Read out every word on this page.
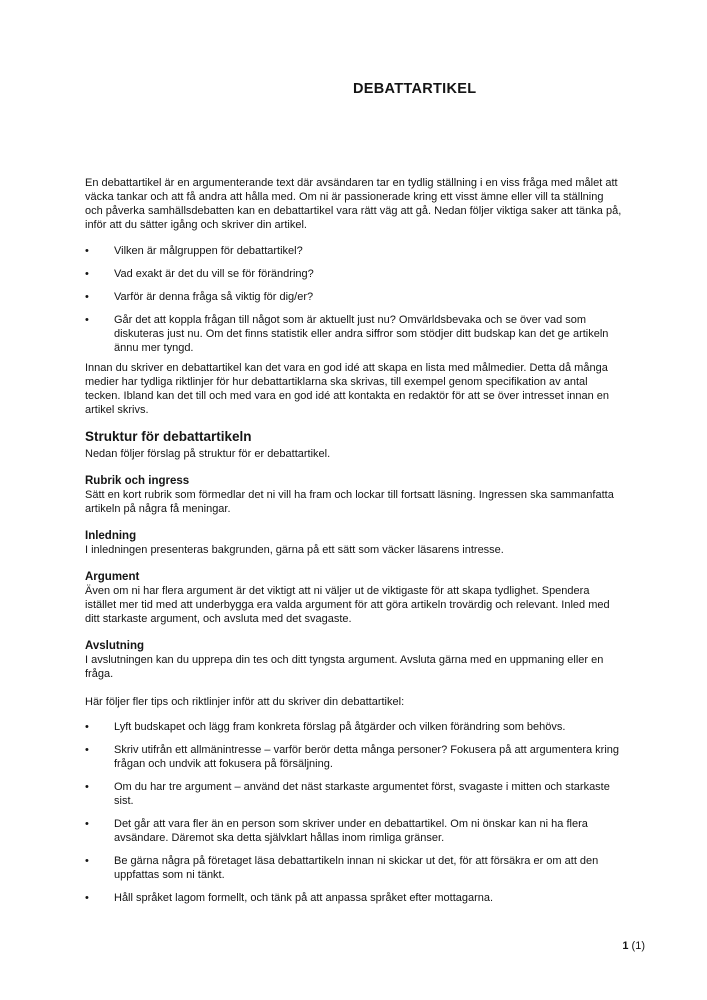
DEBATTARTIKEL

En debattartikel är en argumenterande text där avsändaren tar en tydlig ställning i en viss fråga med målet att väcka tankar och att få andra att hålla med. Om ni är passionerade kring ett visst ämne eller vill ta ställning och påverka samhällsdebatten kan en debattartikel vara rätt väg att gå. Nedan följer viktiga saker att tänka på, inför att du sätter igång och skriver din artikel.

•	Vilken är målgruppen för debattartikel?
•	Vad exakt är det du vill se för förändring?
•	Varför är denna fråga så viktig för dig/er?
•	Går det att koppla frågan till något som är aktuellt just nu? Omvärldsbevaka och se över vad som diskuteras just nu. Om det finns statistik eller andra siffror som stödjer ditt budskap kan det ge artikeln ännu mer tyngd.

Innan du skriver en debattartikel kan det vara en god idé att skapa en lista med målmedier. Detta då många medier har tydliga riktlinjer för hur debattartiklarna ska skrivas, till exempel genom specifikation av antal tecken. Ibland kan det till och med vara en god idé att kontakta en redaktör för att se över intresset innan en artikel skrivs.

Struktur för debattartikeln

Nedan följer förslag på struktur för er debattartikel.

Rubrik och ingress

Sätt en kort rubrik som förmedlar det ni vill ha fram och lockar till fortsatt läsning. Ingressen ska sammanfatta artikeln på några få meningar.

Inledning

I inledningen presenteras bakgrunden, gärna på ett sätt som väcker läsarens intresse.

Argument

Även om ni har flera argument är det viktigt att ni väljer ut de viktigaste för att skapa tydlighet. Spendera istället mer tid med att underbygga era valda argument för att göra artikeln trovärdig och relevant. Inled med ditt starkaste argument, och avsluta med det svagaste.

Avslutning

I avslutningen kan du upprepa din tes och ditt tyngsta argument. Avsluta gärna med en uppmaning eller en fråga.

Här följer fler tips och riktlinjer inför att du skriver din debattartikel:

•	Lyft budskapet och lägg fram konkreta förslag på åtgärder och vilken förändring som behövs.
•	Skriv utifrån ett allmänintresse – varför berör detta många personer? Fokusera på att argumentera kring frågan och undvik att fokusera på försäljning.
•	Om du har tre argument – använd det näst starkaste argumentet först, svagaste i mitten och starkaste sist.
•	Det går att vara fler än en person som skriver under en debattartikel. Om ni önskar kan ni ha flera avsändare. Däremot ska detta självklart hållas inom rimliga gränser.
•	Be gärna några på företaget läsa debattartikeln innan ni skickar ut det, för att försäkra er om att den uppfattas som ni tänkt.
•	Håll språket lagom formellt, och tänk på att anpassa språket efter mottagarna.
1 (1)
